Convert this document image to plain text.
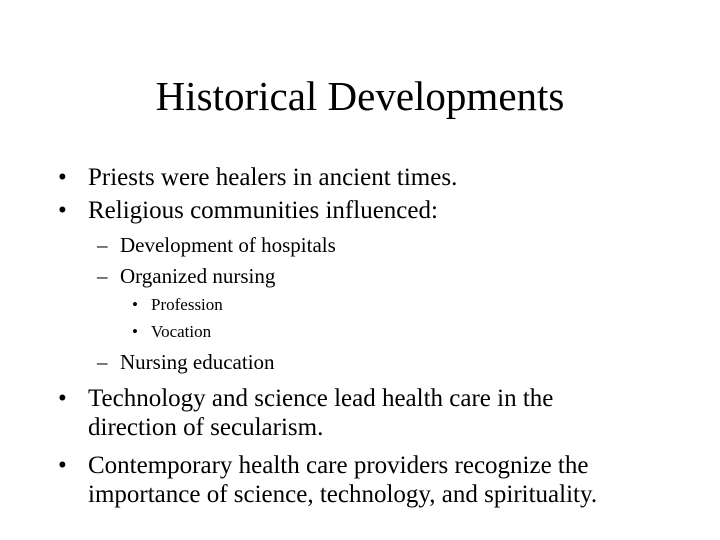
Historical Developments
• Priests were healers in ancient times.
• Religious communities influenced:
– Development of hospitals
– Organized nursing
• Profession
• Vocation
– Nursing education
• Technology and science lead health care in the
direction of secularism.
• Contemporary health care providers recognize the
importance of science, technology, and spirituality.
